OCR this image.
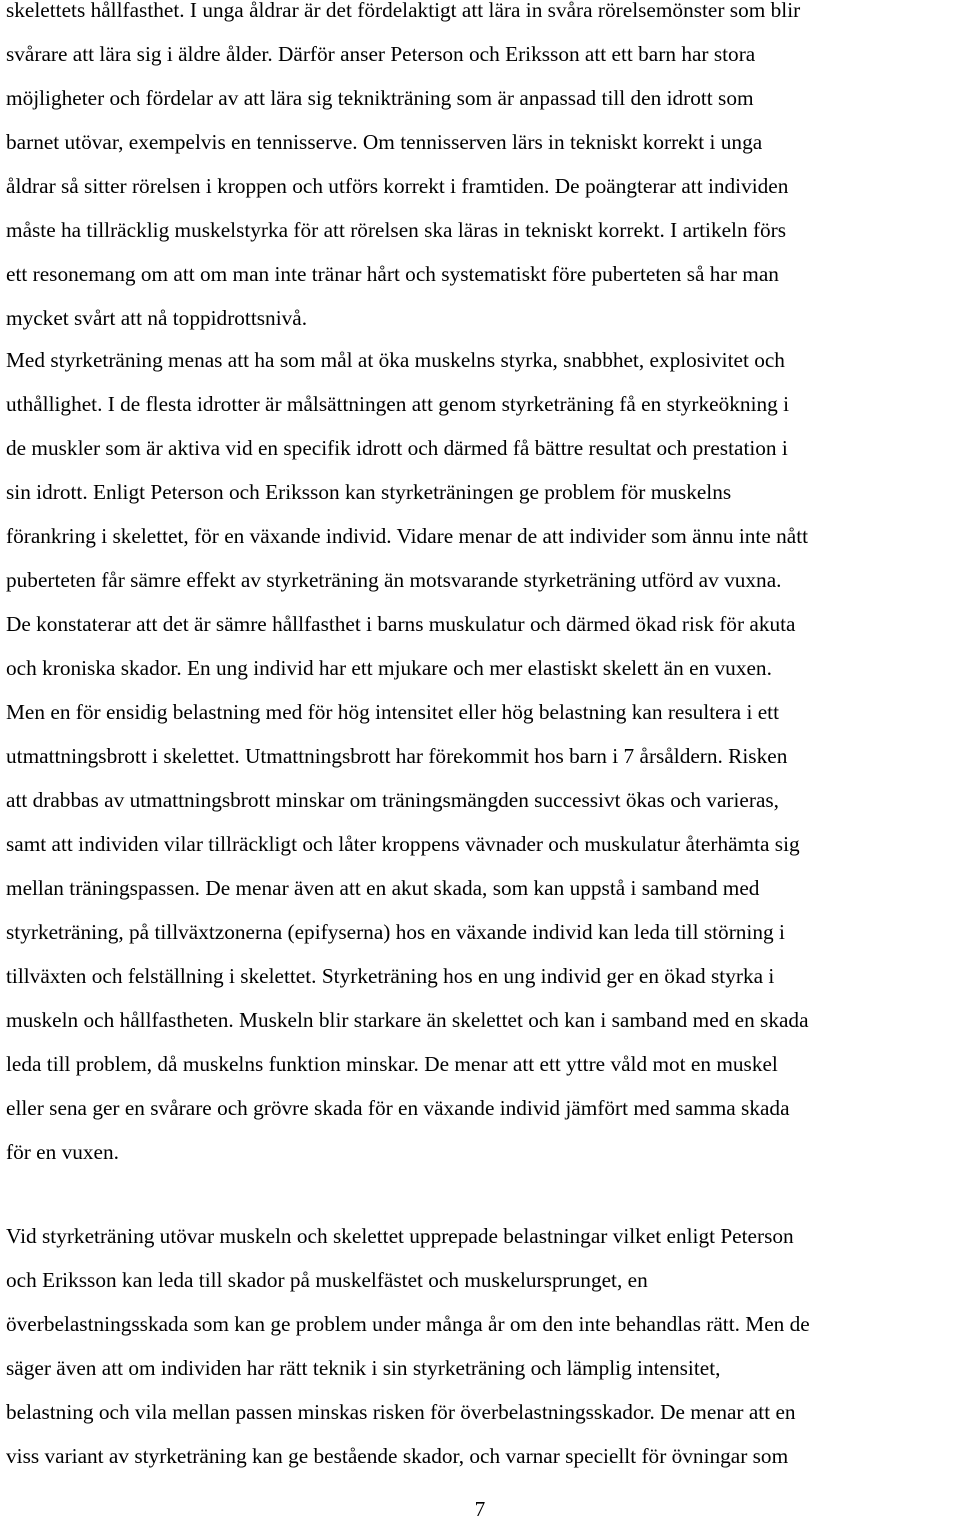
skelettets hållfasthet. I unga åldrar är det fördelaktigt att lära in svåra rörelsemönster som blir
svårare att lära sig i äldre ålder. Därför anser Peterson och Eriksson att ett barn har stora
möjligheter och fördelar av att lära sig teknikträning som är anpassad till den idrott som
barnet utövar, exempelvis en tennisserve. Om tennisserven lärs in tekniskt korrekt i unga
åldrar så sitter rörelsen i kroppen och utförs korrekt i framtiden. De poängterar att individen
måste ha tillräcklig muskelstyrka för att rörelsen ska läras in tekniskt korrekt. I artikeln förs
ett resonemang om att om man inte tränar hårt och systematiskt före puberteten så har man
mycket svårt att nå toppidrottsnivå.
Med styrketräning menas att ha som mål at öka muskelns styrka, snabbhet, explosivitet och
uthållighet. I de flesta idrotter är målsättningen att genom styrketräning få en styrkeökning i
de muskler som är aktiva vid en specifik idrott och därmed få bättre resultat och prestation i
sin idrott. Enligt Peterson och Eriksson kan styrketräningen ge problem för muskelns
förankring i skelettet, för en växande individ. Vidare menar de att individer som ännu inte nått
puberteten får sämre effekt av styrketräning än motsvarande styrketräning utförd av vuxna.
De konstaterar att det är sämre hållfasthet i barns muskulatur och därmed ökad risk för akuta
och kroniska skador. En ung individ har ett mjukare och mer elastiskt skelett än en vuxen.
Men en för ensidig belastning med för hög intensitet eller hög belastning kan resultera i ett
utmattningsbrott i skelettet. Utmattningsbrott har förekommit hos barn i 7 årsåldern. Risken
att drabbas av utmattningsbrott minskar om träningsmängden successivt ökas och varieras,
samt att individen vilar tillräckligt och låter kroppens vävnader och muskulatur återhämta sig
mellan träningspassen. De menar även att en akut skada, som kan uppstå i samband med
styrketräning, på tillväxtzonerna (epifyserna) hos en växande individ kan leda till störning i
tillväxten och felställning i skelettet. Styrketräning hos en ung individ ger en ökad styrka i
muskeln och hållfastheten. Muskeln blir starkare än skelettet och kan i samband med en skada
leda till problem, då muskelns funktion minskar. De menar att ett yttre våld mot en muskel
eller sena ger en svårare och grövre skada för en växande individ jämfört med samma skada
för en vuxen.
Vid styrketräning utövar muskeln och skelettet upprepade belastningar vilket enligt Peterson
och Eriksson kan leda till skador på muskelfästet och muskelursprunget, en
överbelastningsskada som kan ge problem under många år om den inte behandlas rätt. Men de
säger även att om individen har rätt teknik i sin styrketräning och lämplig intensitet,
belastning och vila mellan passen minskas risken för överbelastningsskador. De menar att en
viss variant av styrketräning kan ge bestående skador, och varnar speciellt för övningar som
7
